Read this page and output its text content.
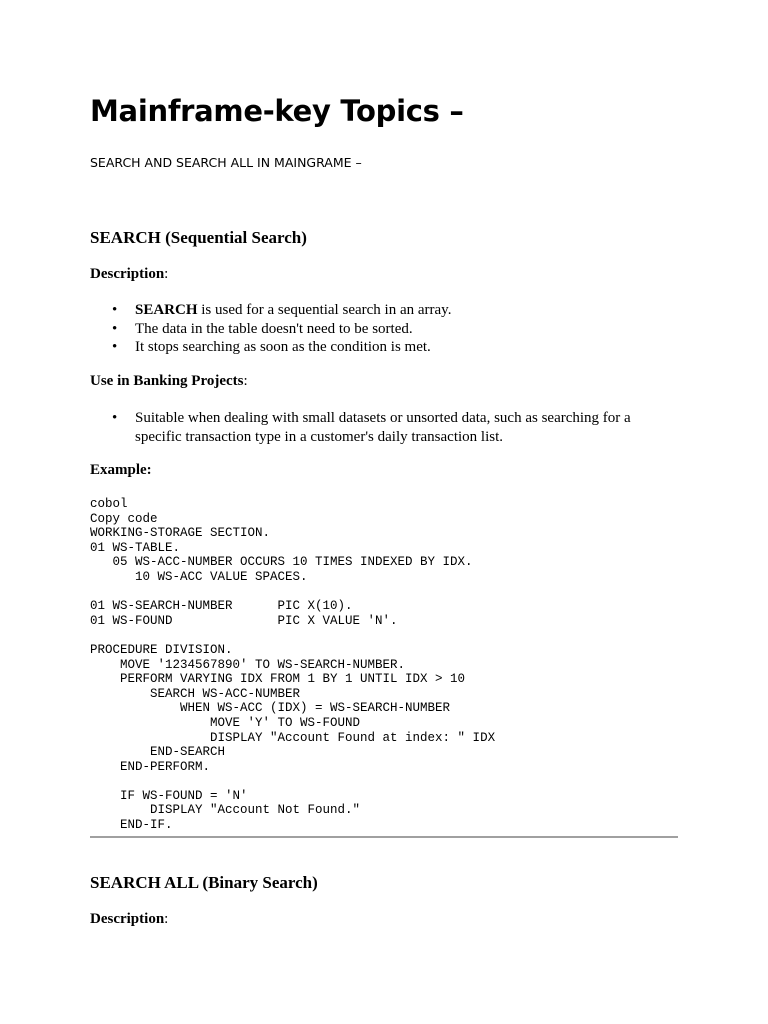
Mainframe-key Topics –

SEARCH AND SEARCH ALL IN MAINGRAME –

SEARCH (Sequential Search)

Description:

• SEARCH is used for a sequential search in an array.
• The data in the table doesn't need to be sorted.
• It stops searching as soon as the condition is met.

Use in Banking Projects:

• Suitable when dealing with small datasets or unsorted data, such as searching for a specific transaction type in a customer's daily transaction list.

Example:

cobol
Copy code
WORKING-STORAGE SECTION.
01 WS-TABLE.
05 WS-ACC-NUMBER OCCURS 10 TIMES INDEXED BY IDX.
10 WS-ACC VALUE SPACES.

01 WS-SEARCH-NUMBER      PIC X(10).
01 WS-FOUND              PIC X VALUE 'N'.

PROCEDURE DIVISION.
MOVE '1234567890' TO WS-SEARCH-NUMBER.
PERFORM VARYING IDX FROM 1 BY 1 UNTIL IDX > 10
SEARCH WS-ACC-NUMBER
WHEN WS-ACC (IDX) = WS-SEARCH-NUMBER
MOVE 'Y' TO WS-FOUND
DISPLAY "Account Found at index: " IDX
END-SEARCH
END-PERFORM.

IF WS-FOUND = 'N'
DISPLAY "Account Not Found."
END-IF.
SEARCH ALL (Binary Search)

Description:
